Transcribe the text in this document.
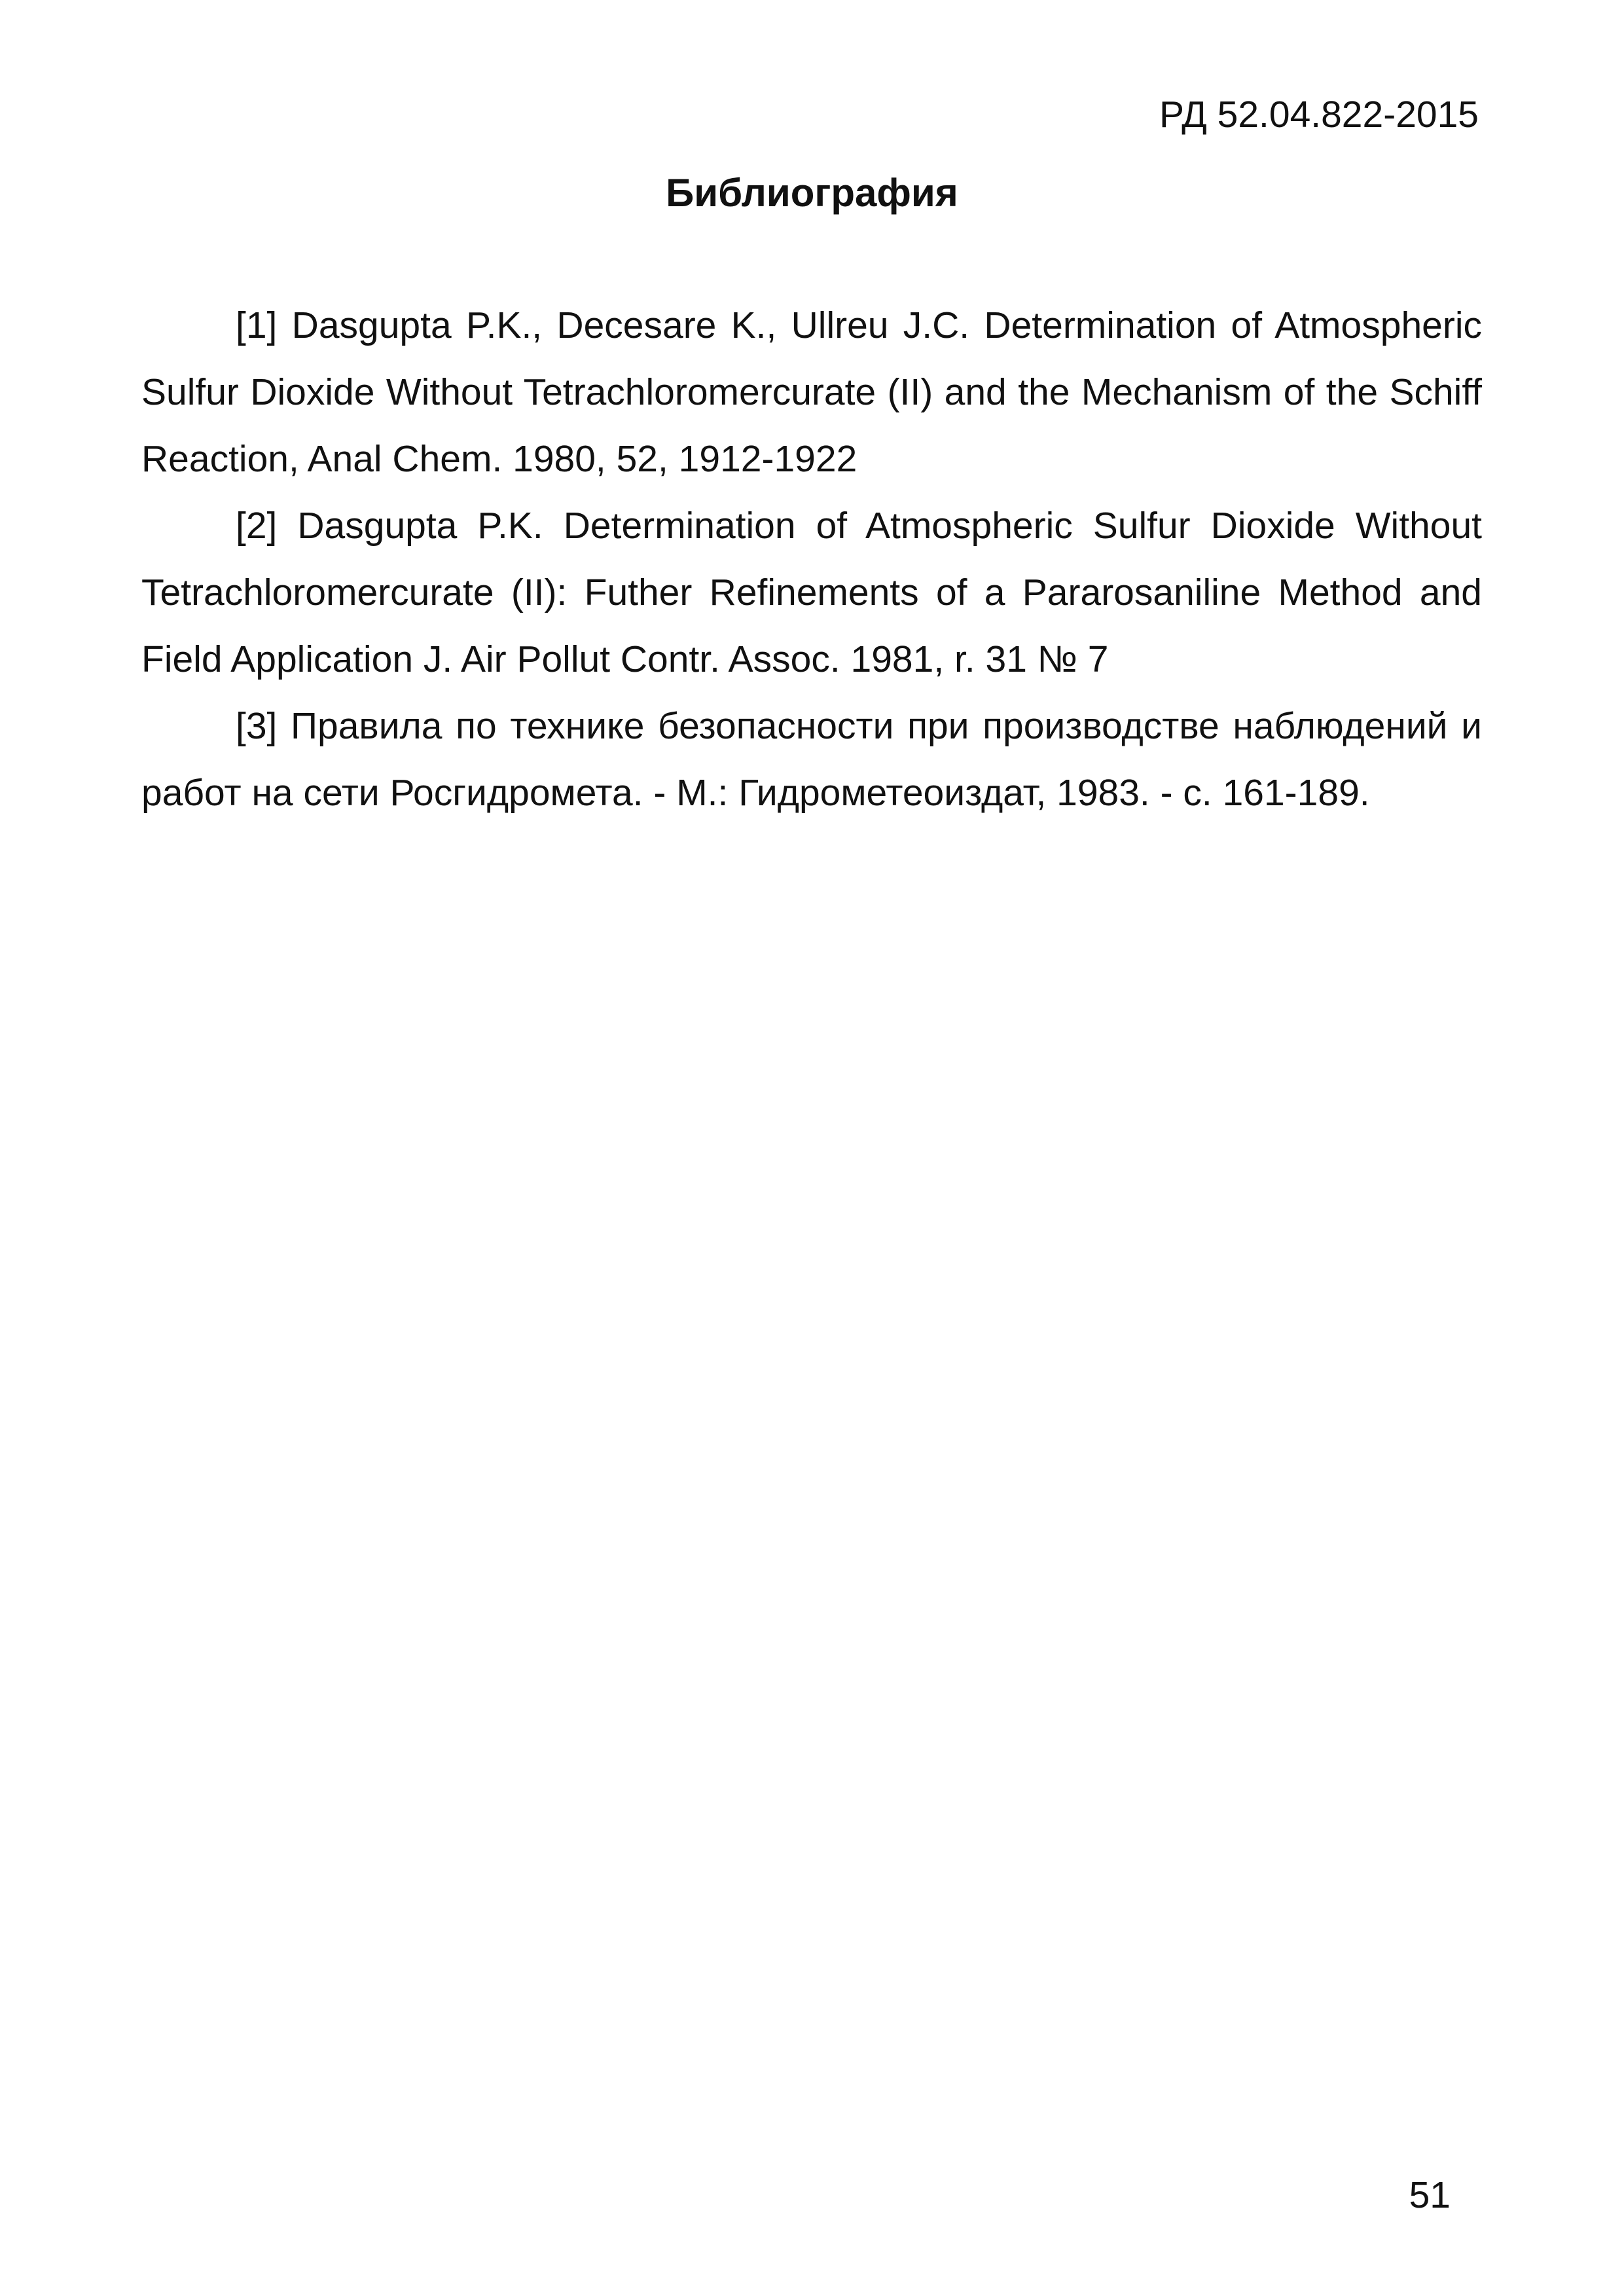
РД 52.04.822-2015
Библиография

[1] Dasgupta P.K., Decesare K., Ullreu J.C. Determination of Atmospheric Sulfur Dioxide Without Tetrachloromercurate (II) and the Mechanism of the Schiff Reaction, Anal Chem. 1980, 52, 1912-1922

[2] Dasgupta P.K. Determination of Atmospheric Sulfur Dioxide Without Tetrachloromercurate (II): Futher Refinements of a Pararosaniline Method and Field Application J. Air Pollut Contr. Assoc. 1981, r. 31 № 7

[3] Правила по технике безопасности при производстве наблюдений и работ на сети Росгидромета. - М.: Гидрометеоиздат, 1983. - с. 161-189.

51
